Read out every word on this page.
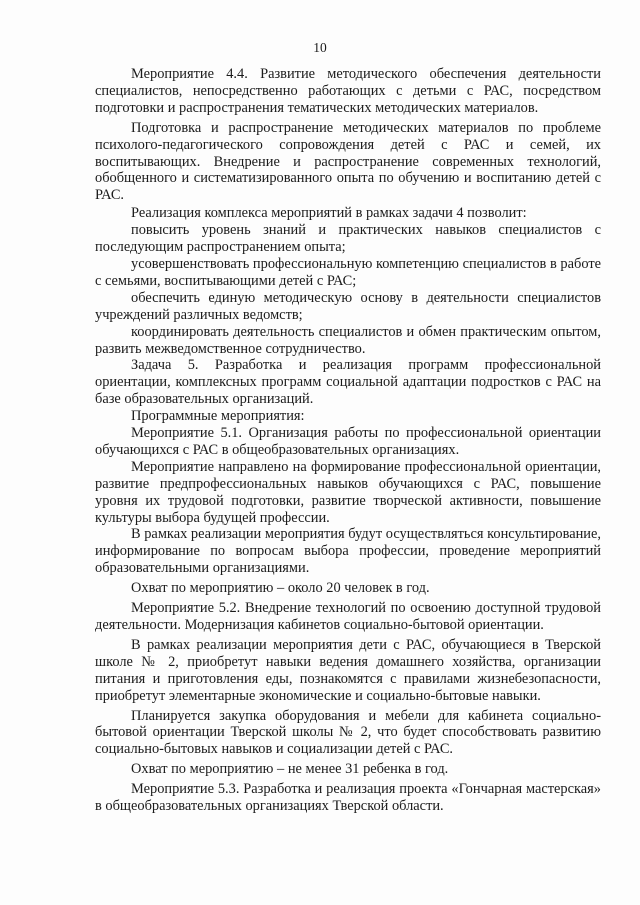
10

Мероприятие 4.4. Развитие методического обеспечения деятельности специалистов, непосредственно работающих с детьми с РАС, посредством подготовки и распространения тематических методических материалов.

Подготовка и распространение методических материалов по проблеме психолого-педагогического сопровождения детей с РАС и семей, их воспитывающих. Внедрение и распространение современных технологий, обобщенного и систематизированного опыта по обучению и воспитанию детей с РАС.

Реализация комплекса мероприятий в рамках задачи 4 позволит:

повысить уровень знаний и практических навыков специалистов с последующим распространением опыта;

усовершенствовать профессиональную компетенцию специалистов в работе с семьями, воспитывающими детей с РАС;

обеспечить единую методическую основу в деятельности специалистов учреждений различных ведомств;

координировать деятельность специалистов и обмен практическим опытом, развить межведомственное сотрудничество.

Задача 5. Разработка и реализация программ профессиональной ориентации, комплексных программ социальной адаптации подростков с РАС на базе образовательных организаций.

Программные мероприятия:

Мероприятие 5.1. Организация работы по профессиональной ориентации обучающихся с РАС в общеобразовательных организациях.

Мероприятие направлено на формирование профессиональной ориентации, развитие предпрофессиональных навыков обучающихся с РАС, повышение уровня их трудовой подготовки, развитие творческой активности, повышение культуры выбора будущей профессии.

В рамках реализации мероприятия будут осуществляться консультирование, информирование по вопросам выбора профессии, проведение мероприятий образовательными организациями.

Охват по мероприятию – около 20 человек в год.

Мероприятие 5.2. Внедрение технологий по освоению доступной трудовой деятельности. Модернизация кабинетов социально-бытовой ориентации.

В рамках реализации мероприятия дети с РАС, обучающиеся в Тверской школе № 2, приобретут навыки ведения домашнего хозяйства, организации питания и приготовления еды, познакомятся с правилами жизнебезопасности, приобретут элементарные экономические и социально-бытовые навыки.

Планируется закупка оборудования и мебели для кабинета социально-бытовой ориентации Тверской школы № 2, что будет способствовать развитию социально-бытовых навыков и социализации детей с РАС.

Охват по мероприятию – не менее 31 ребенка в год.

Мероприятие 5.3. Разработка и реализация проекта «Гончарная мастерская» в общеобразовательных организациях Тверской области.
